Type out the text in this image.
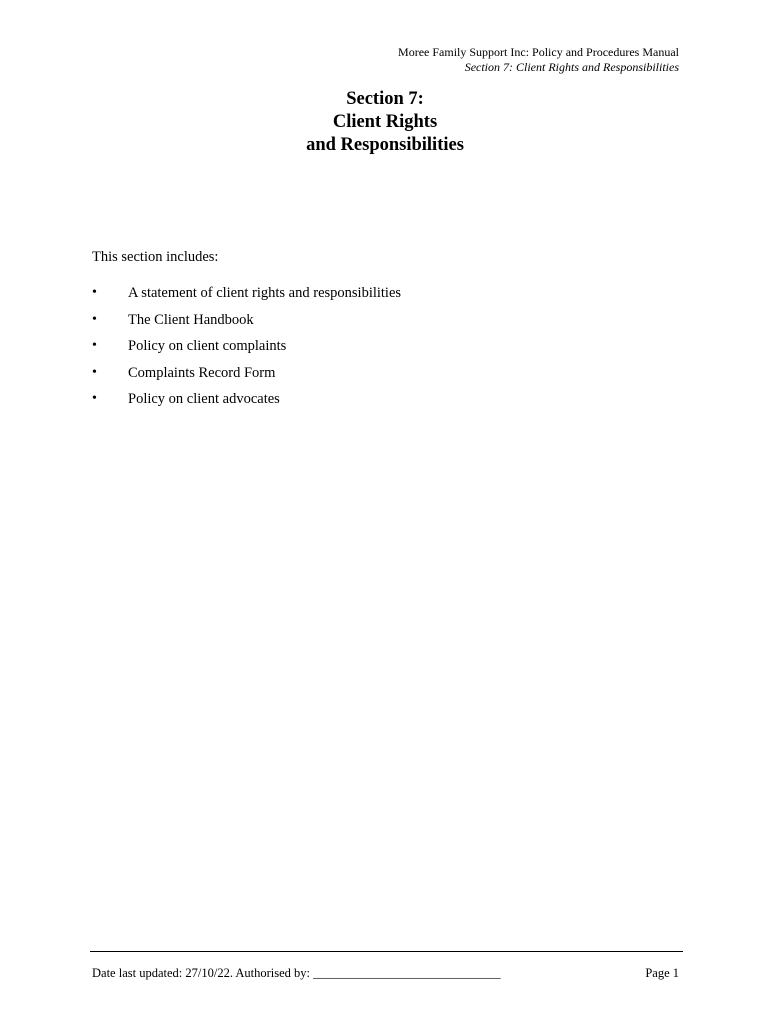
Moree Family Support Inc: Policy and Procedures Manual
Section 7: Client Rights and Responsibilities
Section 7:
Client Rights
and Responsibilities
This section includes:
•	A statement of client rights and responsibilities
•	The Client Handbook
•	Policy on client complaints
•	Complaints Record Form
•	Policy on client advocates
Date last updated: 27/10/22. Authorised by: ______________________________	Page 1
